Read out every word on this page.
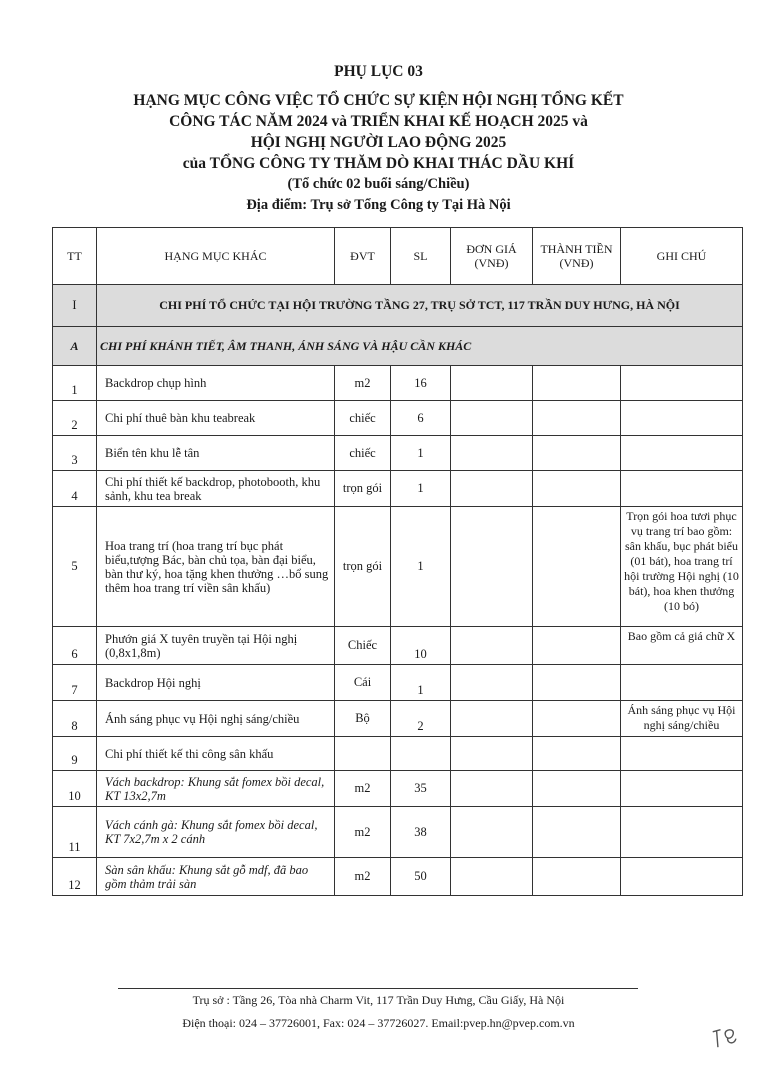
PHỤ LỤC 03
HẠNG MỤC CÔNG VIỆC TỔ CHỨC SỰ KIỆN HỘI NGHỊ TỔNG KẾT
CÔNG TÁC NĂM 2024 và TRIỂN KHAI KẾ HOẠCH 2025 và
HỘI NGHỊ NGƯỜI LAO ĐỘNG 2025
của TỔNG CÔNG TY THĂM DÒ KHAI THÁC DẦU KHÍ
(Tổ chức 02 buổi sáng/Chiều)
Địa điểm: Trụ sở Tổng Công ty Tại Hà Nội
TT	HẠNG MỤC KHÁC	ĐVT	SL	ĐƠN GIÁ (VNĐ)	THÀNH TIỀN (VNĐ)	GHI CHÚ
I	CHI PHÍ TỔ CHỨC TẠI HỘI TRƯỜNG TẦNG 27, TRỤ SỞ TCT, 117 TRẦN DUY HƯNG, HÀ NỘI					
A	CHI PHÍ KHÁNH TIẾT, ÂM THANH, ÁNH SÁNG VÀ HẬU CẦN KHÁC					
1	Backdrop chụp hình	m2	16			
2	Chi phí thuê bàn khu teabreak	chiếc	6			
3	Biển tên khu lễ tân	chiếc	1			
4	Chi phí thiết kế backdrop, photobooth, khu sảnh, khu tea break	trọn gói	1			
5	Hoa trang trí (hoa trang trí bục phát biểu,tượng Bác, bàn chủ tọa, bàn đại biểu, bàn thư ký, hoa tặng khen thưởng …bổ sung thêm hoa trang trí viền sân khấu)	trọn gói	1			Trọn gói hoa tươi phục vụ trang trí bao gồm: sân khấu, bục phát biểu (01 bát), hoa trang trí hội trường Hội nghị (10 bát), hoa khen thưởng (10 bó)
6	Phướn giá X tuyên truyền tại Hội nghị (0,8x1,8m)	Chiếc	10			Bao gồm cả giá chữ X
7	Backdrop Hội nghị	Cái	1			
8	Ánh sáng phục vụ Hội nghị sáng/chiều	Bộ	2			Ánh sáng phục vụ Hội nghị sáng/chiều
9	Chi phí thiết kế thi công sân khấu					
10	Vách backdrop: Khung sắt fomex bồi decal, KT 13x2,7m	m2	35			
11	Vách cánh gà: Khung sắt fomex bồi decal, KT 7x2,7m x 2 cánh	m2	38			
12	Sàn sân khấu: Khung sắt gỗ mdf, đã bao gồm thảm trải sàn	m2	50			
Trụ sở : Tầng 26, Tòa nhà Charm Vit, 117 Trần Duy Hưng, Cầu Giấy, Hà Nội
Điện thoại: 024 – 37726001, Fax: 024 – 37726027. Email:pvep.hn@pvep.com.vn
